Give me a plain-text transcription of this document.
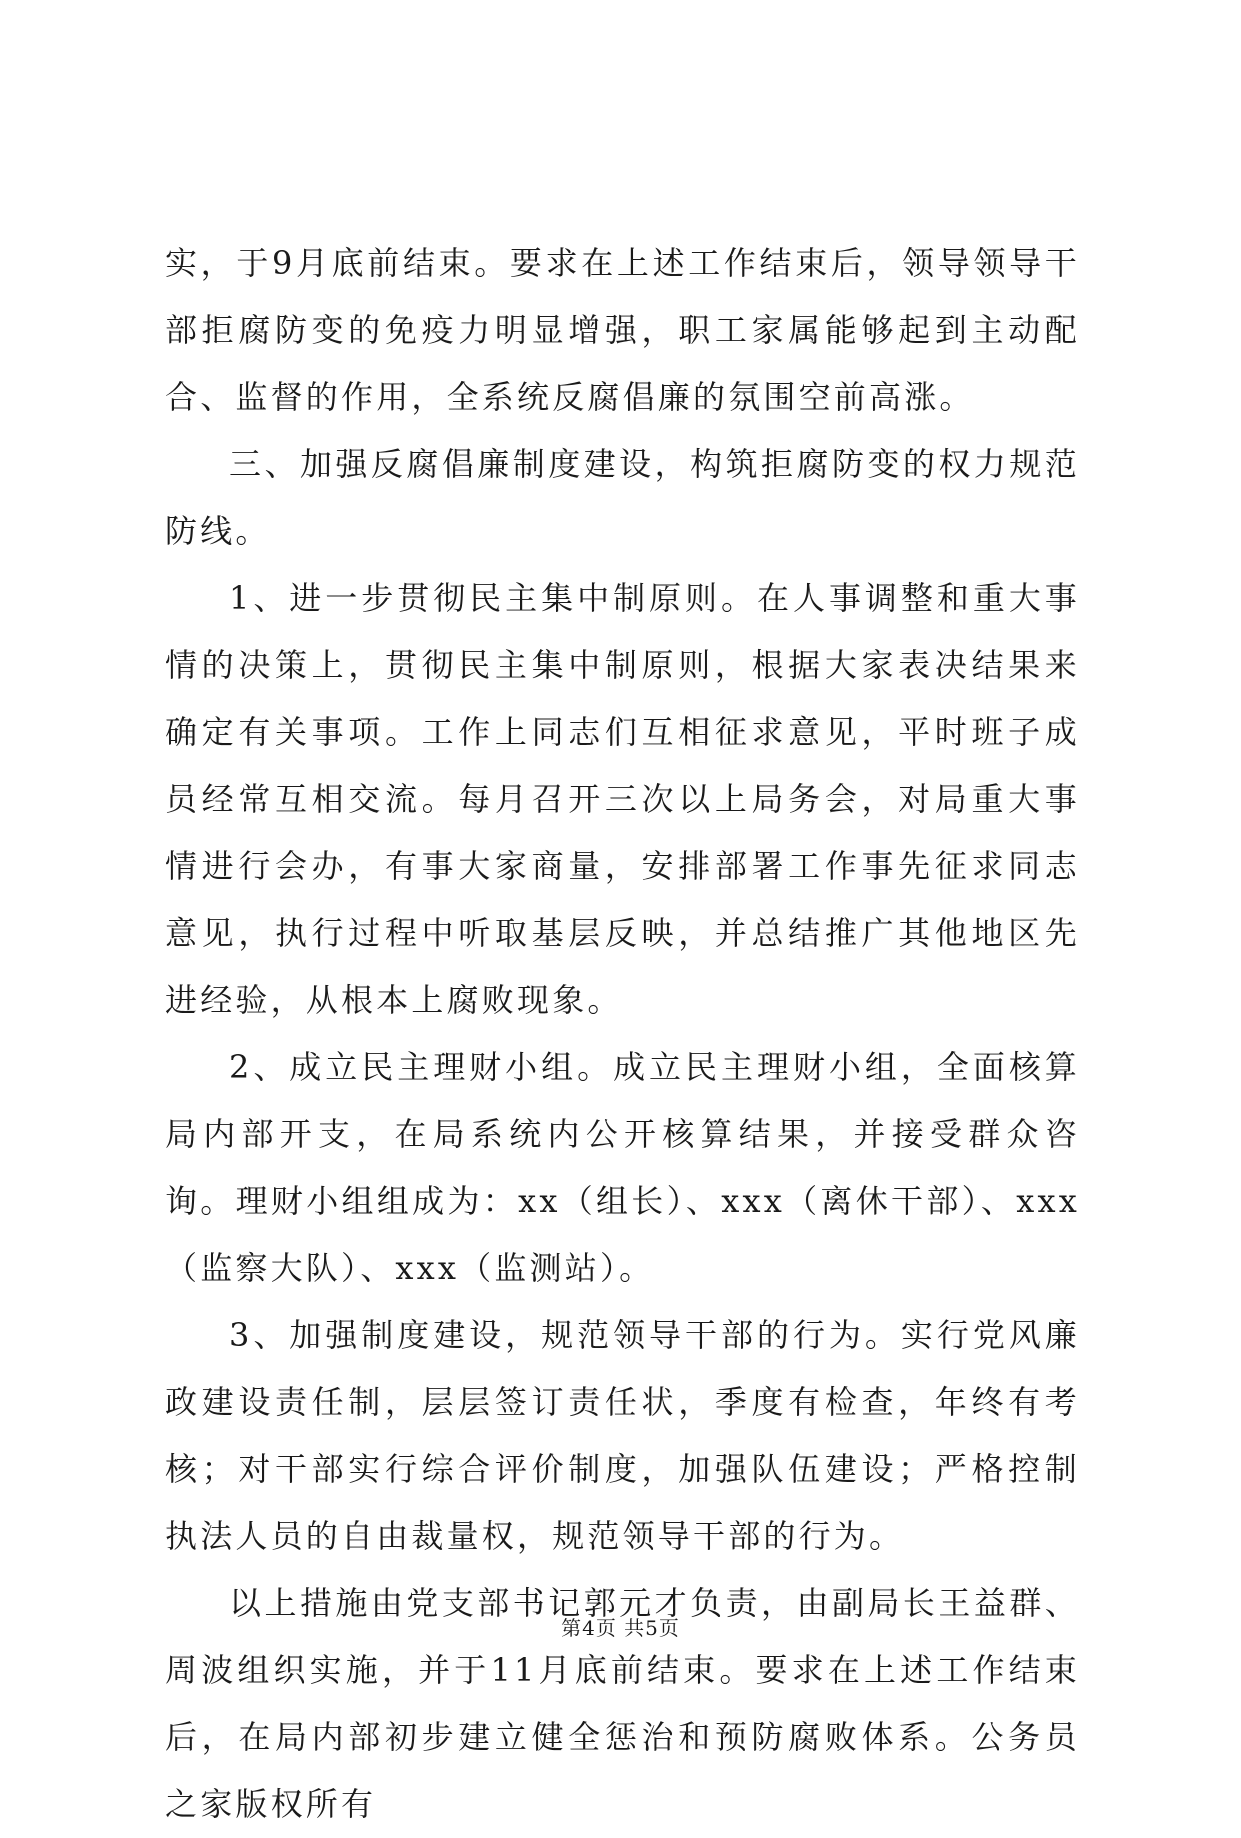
实，于9月底前结束。要求在上述工作结束后，领导领导干部拒腐防变的免疫力明显增强，职工家属能够起到主动配合、监督的作用，全系统反腐倡廉的氛围空前高涨。

三、加强反腐倡廉制度建设，构筑拒腐防变的权力规范防线。

1、进一步贯彻民主集中制原则。在人事调整和重大事情的决策上，贯彻民主集中制原则，根据大家表决结果来确定有关事项。工作上同志们互相征求意见，平时班子成员经常互相交流。每月召开三次以上局务会，对局重大事情进行会办，有事大家商量，安排部署工作事先征求同志意见，执行过程中听取基层反映，并总结推广其他地区先进经验，从根本上腐败现象。

2、成立民主理财小组。成立民主理财小组，全面核算局内部开支，在局系统内公开核算结果，并接受群众咨询。理财小组组成为：xx（组长）、xxx（离休干部）、xxx（监察大队）、xxx（监测站）。

3、加强制度建设，规范领导干部的行为。实行党风廉政建设责任制，层层签订责任状，季度有检查，年终有考核；对干部实行综合评价制度，加强队伍建设；严格控制执法人员的自由裁量权，规范领导干部的行为。

以上措施由党支部书记郭元才负责，由副局长王益群、周波组织实施，并于11月底前结束。要求在上述工作结束后，在局内部初步建立健全惩治和预防腐败体系。公务员之家版权所有

第4页 共5页
